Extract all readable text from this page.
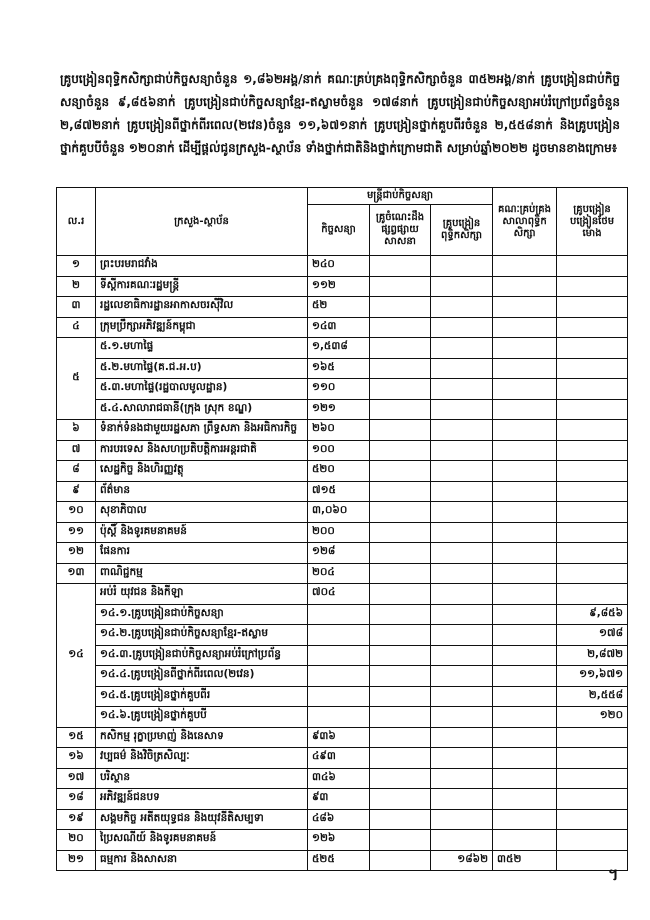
គ្រូបង្រៀនពុទ្ធិកសិក្សាជាប់កិច្ចសន្យាចំនួន ១,៨៦២អង្គ/នាក់ គណៈគ្រប់គ្រងពុទ្ធិកសិក្សាចំនួន ៣៥២អង្គ/នាក់ គ្រូបង្រៀនជាប់កិច្ចសន្យាចំនួន ៩,៨៥៦នាក់ គ្រូបង្រៀនជាប់កិច្ចសន្យាខ្មែរ-ឥស្លាមចំនួន ១៧៨នាក់ គ្រូបង្រៀនជាប់កិច្ចសន្យាអប់រំក្រៅប្រព័ន្ធចំនួន ២,៨៧២នាក់ គ្រូបង្រៀនពីថ្នាក់ពីរពេល(២វេន)ចំនួន ១១,៦៧១នាក់ គ្រូបង្រៀនថ្នាក់គួបពីរចំនួន ២,៥៥៨នាក់ និងគ្រូបង្រៀនថ្នាក់គួបបីចំនួន ១២០នាក់ ដើម្បីផ្តល់ជូនក្រសួង-ស្ថាប័ន ទាំងថ្នាក់ជាតិនិងថ្នាក់ក្រោមជាតិ សម្រាប់ឆ្នាំ២០២២ ដូចមានខាងក្រោម៖
ល.រ	ក្រសួង-ស្ថាប័ន	មន្ត្រីជាប់កិច្ចសន្យា			គណៈគ្រប់គ្រងសាលាពុទ្ធិកសិក្សា	គ្រូបង្រៀនបង្រៀនថែមម៉ោង
		កិច្ចសន្យា	គ្រូចំណេះដឹងផ្សព្វផ្សាយសាសនា	គ្រូបង្រៀនពុទ្ធិកសិក្សា		
១	ព្រះបរមរាជវាំង	២៤០				
២	ទីស្តីការគណៈរដ្ឋមន្ត្រី	១១២				
៣	រដ្ឋលេខាធិការដ្ឋានអាកាសចរស៊ីវិល	៥២				
៤	ក្រុមប្រឹក្សាអភិវឌ្ឍន៍កម្ពុជា	១៤៣				
៥	៥.១.មហាផ្ទៃ	១,៥៣៨				
	៥.២.មហាផ្ទៃ(គ.ជ.អ.ប)	១៦៥				
	៥.៣.មហាផ្ទៃ(រដ្ឋបាលមូលដ្ឋាន)	១១០				
	៥.៤.សាលារាជធានី(ក្រុង ស្រុក ខណ្ឌ)	១២១				
៦	ទំនាក់ទំនងជាមួយរដ្ឋសភា ព្រឹទ្ធសភា និងអធិការកិច្ច	២៦០				
៧	ការបរទេស និងសហប្រតិបត្តិការអន្តរជាតិ	១០០				
៨	សេដ្ឋកិច្ច និងហិរញ្ញវត្ថុ	៥២០				
៩	ព័ត៌មាន	៧១៥				
១០	សុខាភិបាល	៣,០៦០				
១១	ប៉ុស្តិ៍ និងទូរគមនាគមន៍	២០០				
១២	ផែនការ	១២៨				
១៣	ពាណិជ្ជកម្ម	២០៤				
១៤	អប់រំ យុវជន និងកីឡា	៧០៤				
	១៤.១.គ្រូបង្រៀនជាប់កិច្ចសន្យា					៩,៨៥៦
	១៤.២.គ្រូបង្រៀនជាប់កិច្ចសន្យាខ្មែរ-ឥស្លាម					១៧៨
	១៤.៣.គ្រូបង្រៀនជាប់កិច្ចសន្យាអប់រំក្រៅប្រព័ន្ធ					២,៨៧២
	១៤.៤.គ្រូបង្រៀនពីថ្នាក់ពីរពេល(២វេន)					១១,៦៧១
	១៤.៥.គ្រូបង្រៀនថ្នាក់គួបពីរ					២,៥៥៨
	១៤.៦.គ្រូបង្រៀនថ្នាក់គួបបី					១២០
១៥	កសិកម្ម រុក្ខាប្រមាញ់ និងនេសាទ	៩៣៦				
១៦	វប្បធម៌ និងវិចិត្រសិល្បៈ	៤៩៣				
១៧	បរិស្ថាន	៣៤៦				
១៨	អភិវឌ្ឍន៍ជនបទ	៩៣				
១៩	សង្គមកិច្ច អតីតយុទ្ធជន និងយុវនីតិសម្បទា	៤៨៦				
២០	ប្រៃសណីយ៍ និងទូរគមនាគមន៍	១២៦				
២១	ធម្មការ និងសាសនា	៥២៥		១៨៦២	៣៥២	
។
